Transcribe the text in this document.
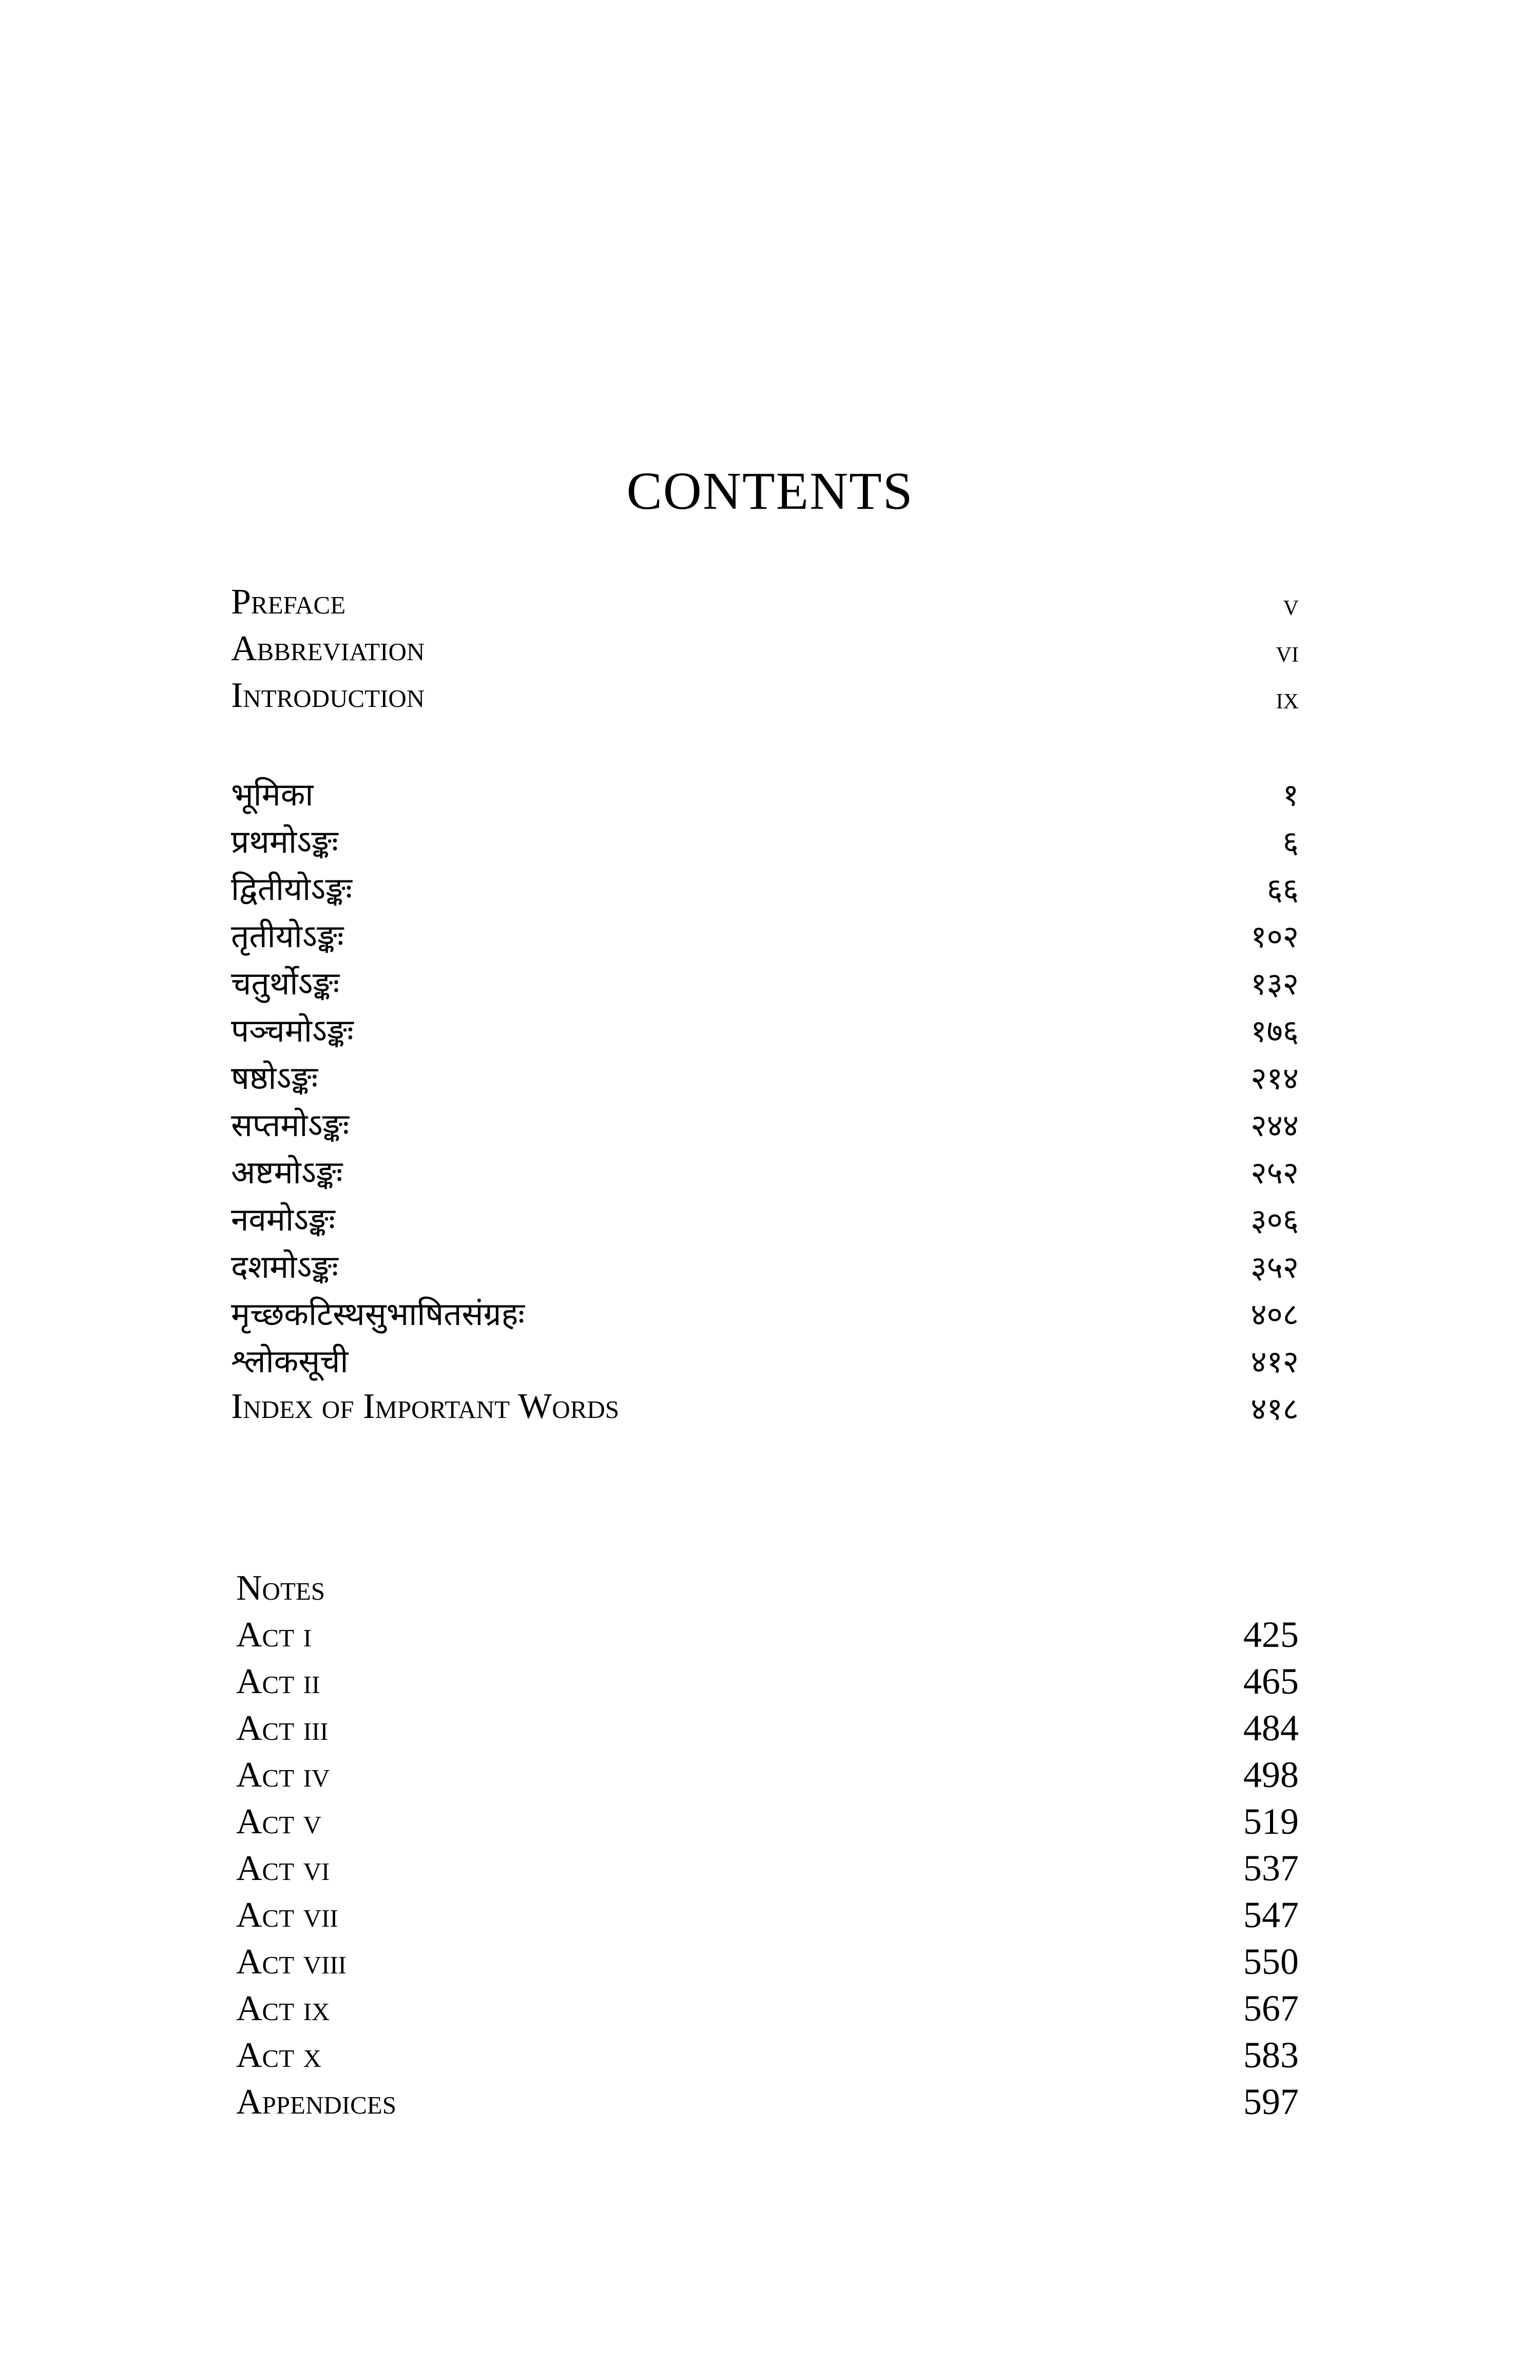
CONTENTS
Preface	v
Abbreviation	vi
Introduction	ix
भूमिका	१
प्रथमोऽङ्कः	६
द्वितीयोऽङ्कः	६६
तृतीयोऽङ्कः	१०२
चतुर्थोऽङ्कः	१३२
पञ्चमोऽङ्कः	१७६
षष्ठोऽङ्कः	२१४
सप्तमोऽङ्कः	२४४
अष्टमोऽङ्कः	२५२
नवमोऽङ्कः	३०६
दशमोऽङ्कः	३५२
मृच्छकटिस्थसुभाषितसंग्रहः	४०८
श्लोकसूची	४१२
Index of Important Words	४१८
Notes
Act i	425
Act ii	465
Act iii	484
Act iv	498
Act v	519
Act vi	537
Act vii	547
Act viii	550
Act ix	567
Act x	583
Appendices	597
